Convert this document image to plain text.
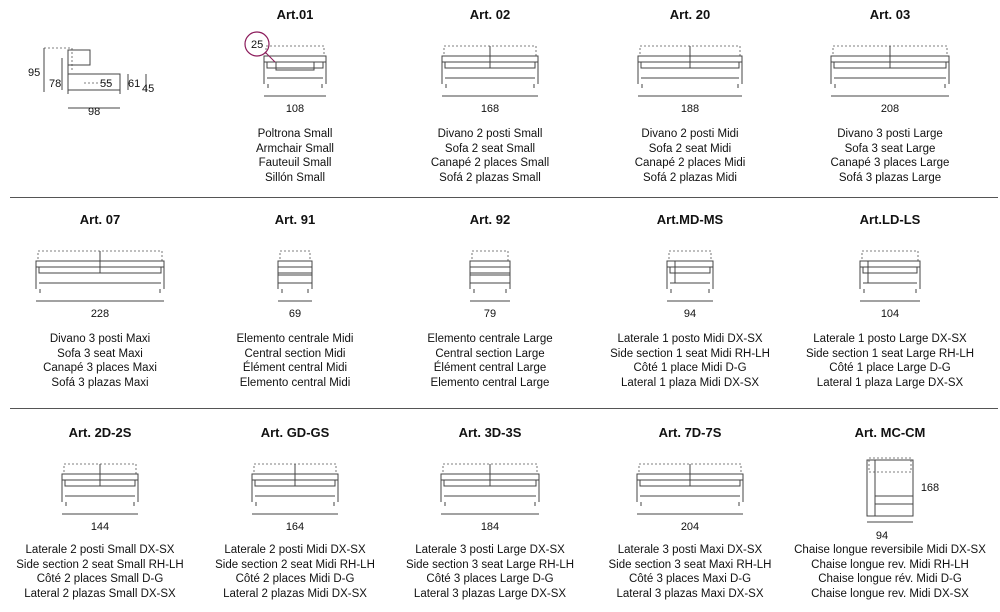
95
78	55 61 45
98
Art.01
25
108
Poltrona Small
Armchair Small
Fauteuil Small
Sillón Small
Art. 02
168
Divano 2 posti Small
Sofa 2 seat Small
Canapé 2 places Small
Sofá 2 plazas Small
Art. 20
188
Divano 2 posti Midi
Sofa 2 seat Midi
Canapé 2 places Midi
Sofá 2 plazas Midi
Art. 03
208
Divano 3 posti Large
Sofa 3 seat Large
Canapé 3 places Large
Sofá 3 plazas Large
Art. 07
228
Divano 3 posti Maxi
Sofa 3 seat Maxi
Canapé 3 places Maxi
Sofá 3 plazas Maxi
Art. 91
69
Elemento centrale Midi
Central section Midi
Élément central Midi
Elemento central Midi
Art. 92
79
Elemento centrale Large
Central section Large
Élément central Large
Elemento central Large
Art.MD-MS
94
Laterale 1 posto Midi DX-SX
Side section 1 seat Midi RH-LH
Côté 1 place Midi D-G
Lateral 1 plaza Midi DX-SX
Art.LD-LS
104
Laterale 1 posto Large DX-SX
Side section 1 seat Large RH-LH
Côté 1 place Large D-G
Lateral 1 plaza Large DX-SX
Art. 2D-2S
144
Laterale 2 posti Small DX-SX
Side section 2 seat Small RH-LH
Côté 2 places Small D-G
Lateral 2 plazas Small DX-SX
Art. GD-GS
164
Laterale 2 posti Midi DX-SX
Side section 2 seat Midi RH-LH
Côté 2 places Midi D-G
Lateral 2 plazas Midi DX-SX
Art. 3D-3S
184
Laterale 3 posti Large DX-SX
Side section 3 seat Large RH-LH
Côté 3 places Large D-G
Lateral 3 plazas Large DX-SX
Art. 7D-7S
204
Laterale 3 posti Maxi DX-SX
Side section 3 seat Maxi RH-LH
Côté 3 places Maxi D-G
Lateral 3 plazas Maxi DX-SX
Art. MC-CM
94
168
Chaise longue reversibile Midi DX-SX
Chaise longue rev. Midi RH-LH
Chaise longue rév. Midi D-G
Chaise longue rev. Midi DX-SX
